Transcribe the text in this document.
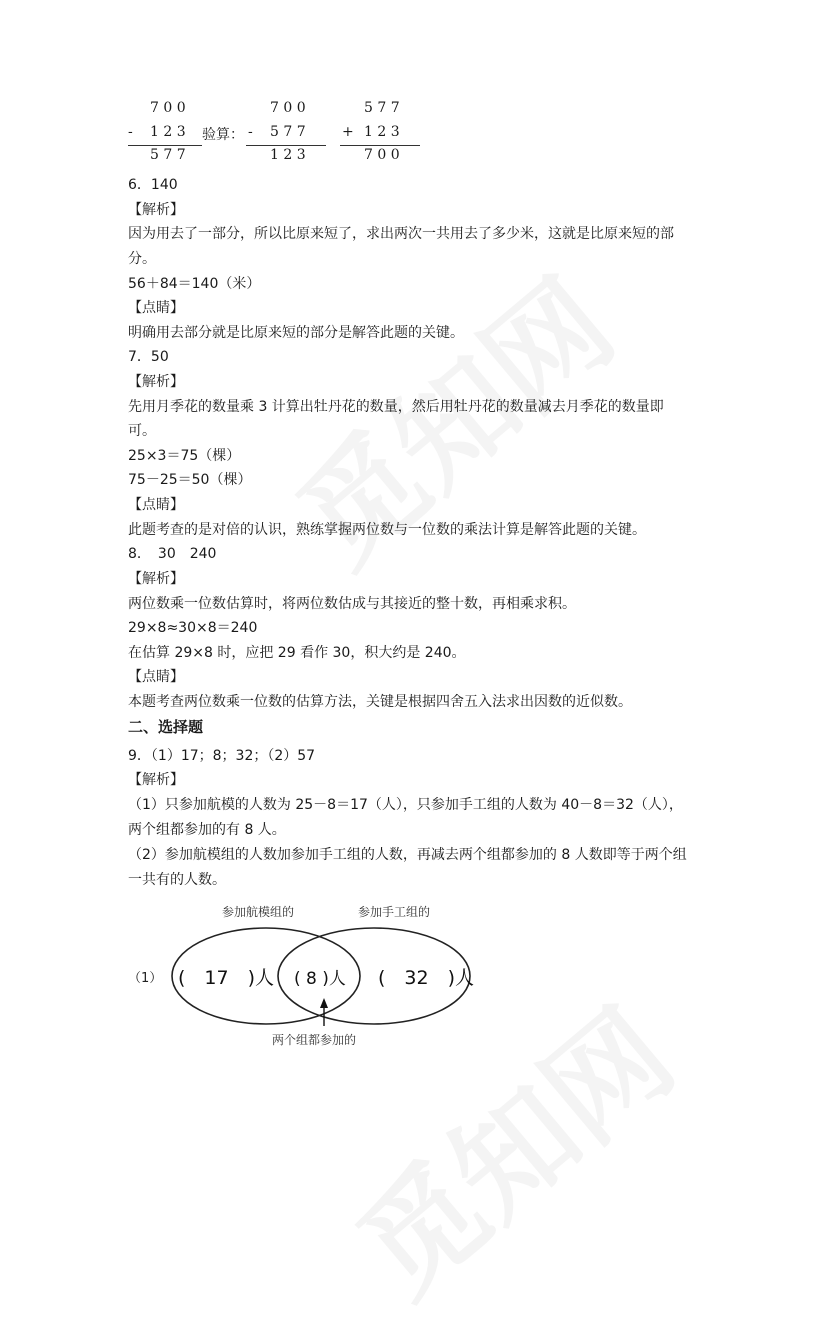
7 0 0
- 1 2 3
5 7 7
验算：
7 0 0
- 5 7 7
1 2 3
5 7 7
+ 1 2 3
7 0 0
6．140
【解析】
因为用去了一部分，所以比原来短了，求出两次一共用去了多少米，这就是比原来短的部
分。
56＋84＝140（米）
【点睛】
明确用去部分就是比原来短的部分是解答此题的关键。
7．50
【解析】
先用月季花的数量乘 3 计算出牡丹花的数量，然后用牡丹花的数量减去月季花的数量即
可。
25×3＝75（棵）
75－25＝50（棵）
【点睛】
此题考查的是对倍的认识，熟练掌握两位数与一位数的乘法计算是解答此题的关键。
8．　30　240
【解析】
两位数乘一位数估算时，将两位数估成与其接近的整十数，再相乘求积。
29×8≈30×8＝240
在估算 29×8 时，应把 29 看作 30，积大约是 240。
【点睛】
本题考查两位数乘一位数的估算方法，关键是根据四舍五入法求出因数的近似数。
二、选择题
9．（1）17；8；32；（2）57
【解析】
（1）只参加航模的人数为 25－8＝17（人），只参加手工组的人数为 40－8＝32（人），
两个组都参加的有 8 人。
（2）参加航模组的人数加参加手工组的人数，再减去两个组都参加的 8 人数即等于两个组
一共有的人数。
参加航模组的	参加手工组的
（1） (　17　)人 ( 8 )人 (　32　)人
两个组都参加的
